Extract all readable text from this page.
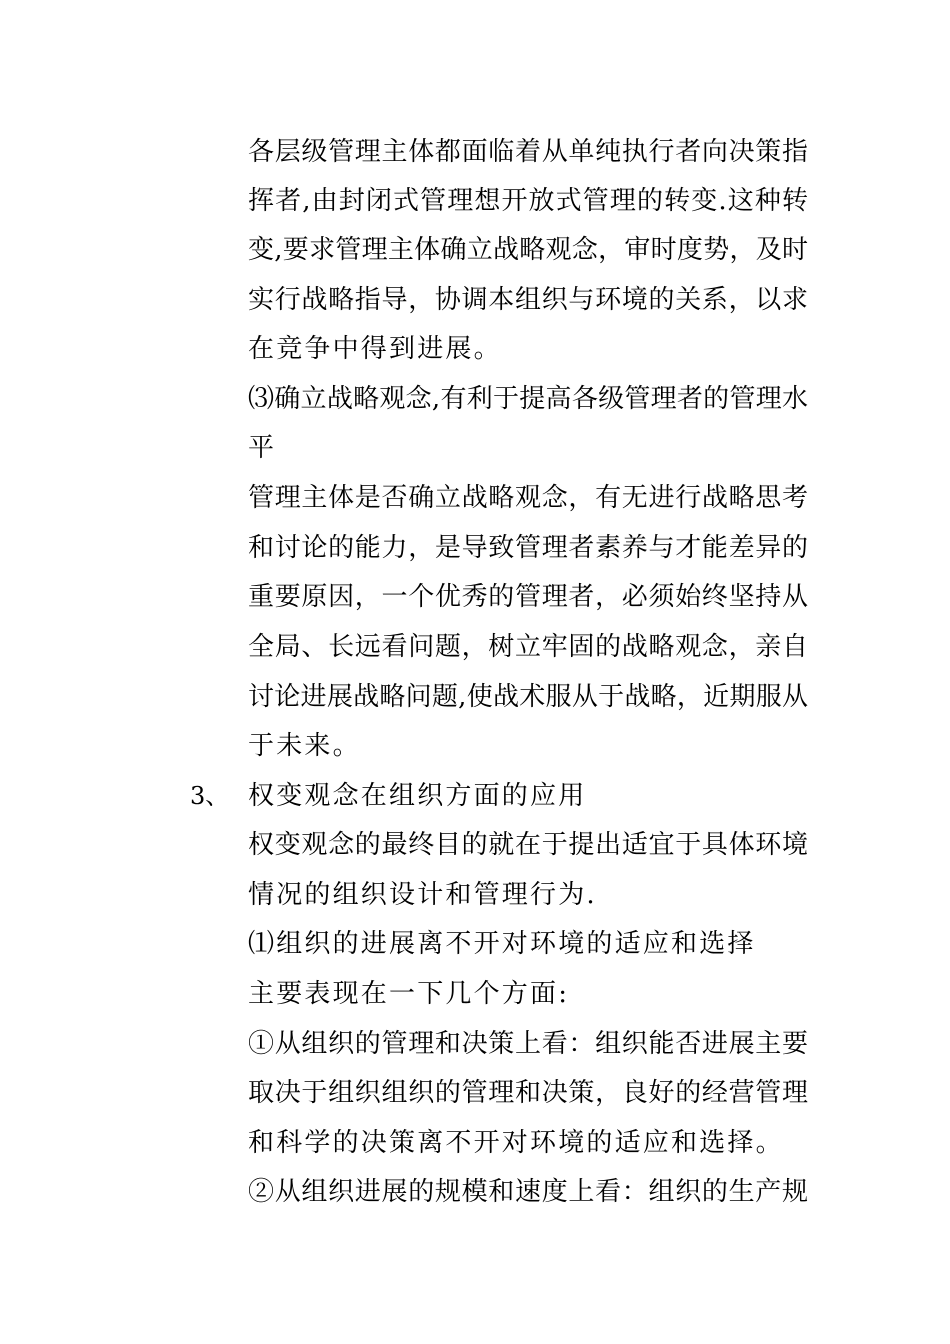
各层级管理主体都面临着从单纯执行者向决策指
挥者,由封闭式管理想开放式管理的转变.这种转
变,要求管理主体确立战略观念，审时度势，及时
实行战略指导，协调本组织与环境的关系，以求
在竞争中得到进展。
⑶确立战略观念,有利于提高各级管理者的管理水
平
管理主体是否确立战略观念，有无进行战略思考
和讨论的能力，是导致管理者素养与才能差异的
重要原因，一个优秀的管理者，必须始终坚持从
全局、长远看问题，树立牢固的战略观念，亲自
讨论进展战略问题,使战术服从于战略，近期服从
于未来。
3、 权变观念在组织方面的应用
权变观念的最终目的就在于提出适宜于具体环境
情况的组织设计和管理行为.
⑴组织的进展离不开对环境的适应和选择
主要表现在一下几个方面:
①从组织的管理和决策上看：组织能否进展主要
取决于组织组织的管理和决策，良好的经营管理
和科学的决策离不开对环境的适应和选择。
②从组织进展的规模和速度上看：组织的生产规
